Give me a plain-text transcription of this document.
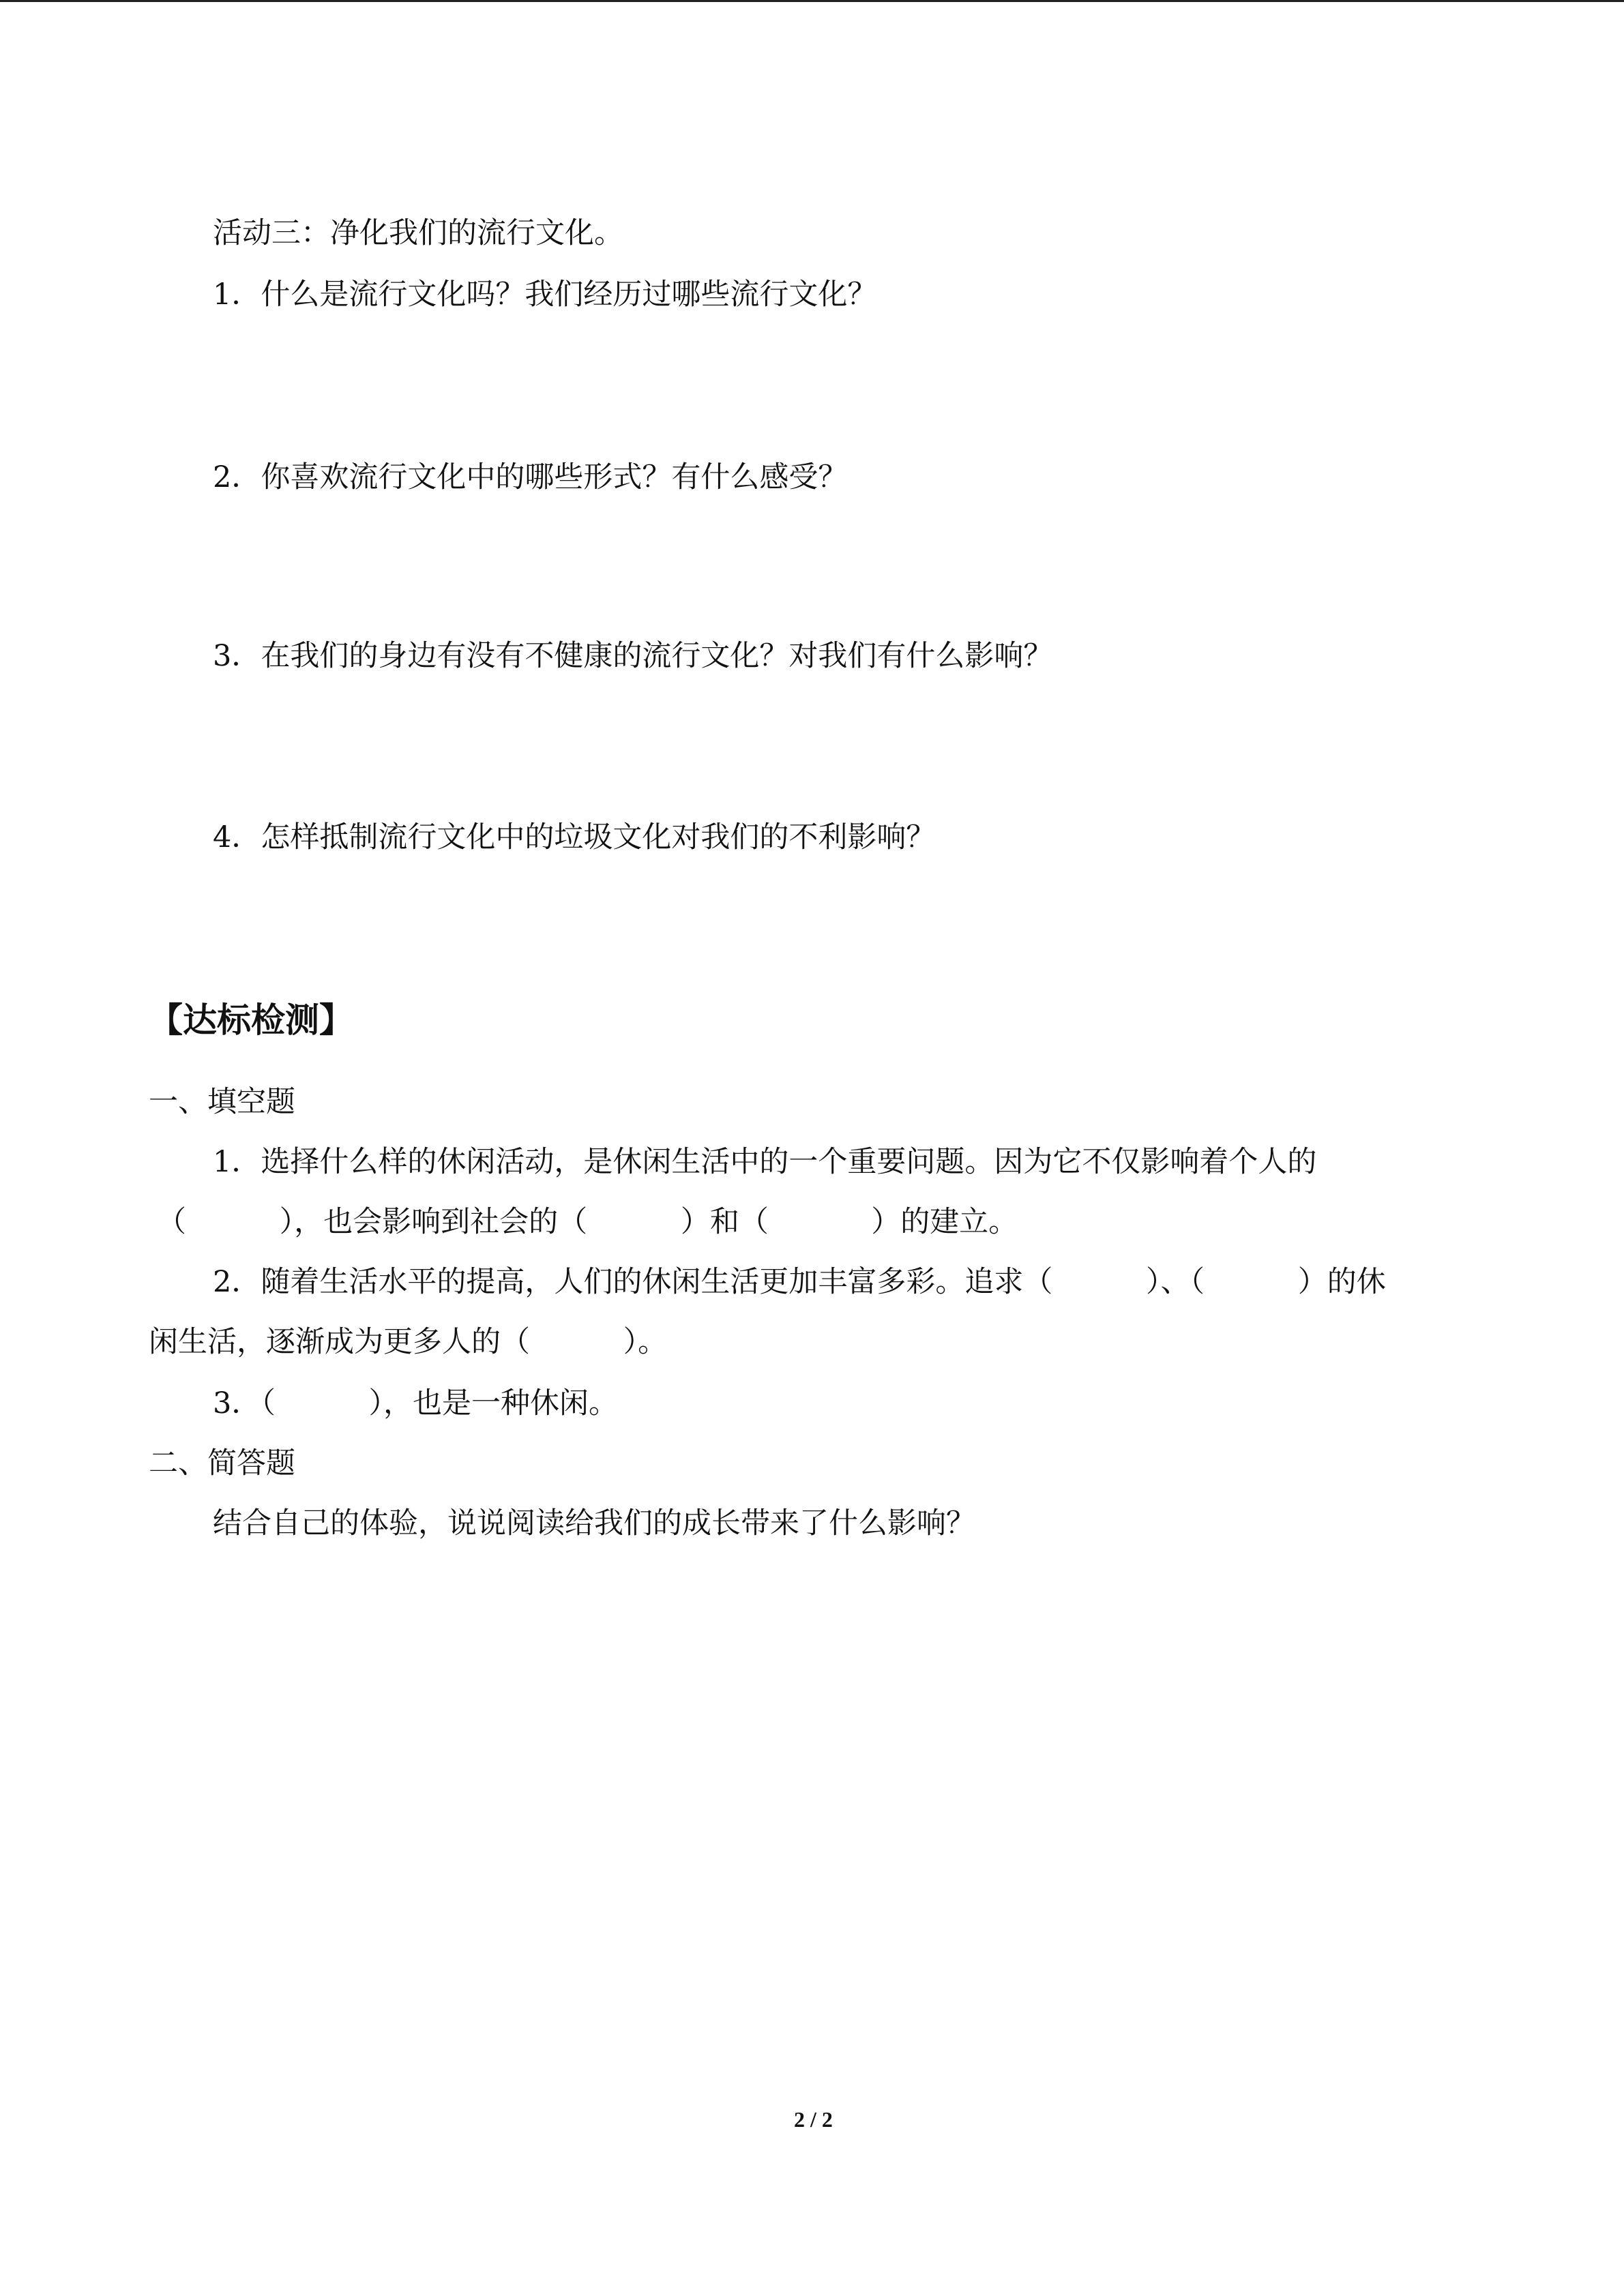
活动三：净化我们的流行文化。
1．什么是流行文化吗？我们经历过哪些流行文化？
2．你喜欢流行文化中的哪些形式？有什么感受？
3．在我们的身边有没有不健康的流行文化？对我们有什么影响？
4．怎样抵制流行文化中的垃圾文化对我们的不利影响？
【达标检测】
一、填空题
1．选择什么样的休闲活动，是休闲生活中的一个重要问题。因为它不仅影响着个人的
（          ），也会影响到社会的（          ）和（           ）的建立。
2．随着生活水平的提高，人们的休闲生活更加丰富多彩。追求（          ）、（          ）的休
闲生活，逐渐成为更多人的（          ）。
3．（          ），也是一种休闲。
二、简答题
结合自己的体验，说说阅读给我们的成长带来了什么影响？
2 / 2
